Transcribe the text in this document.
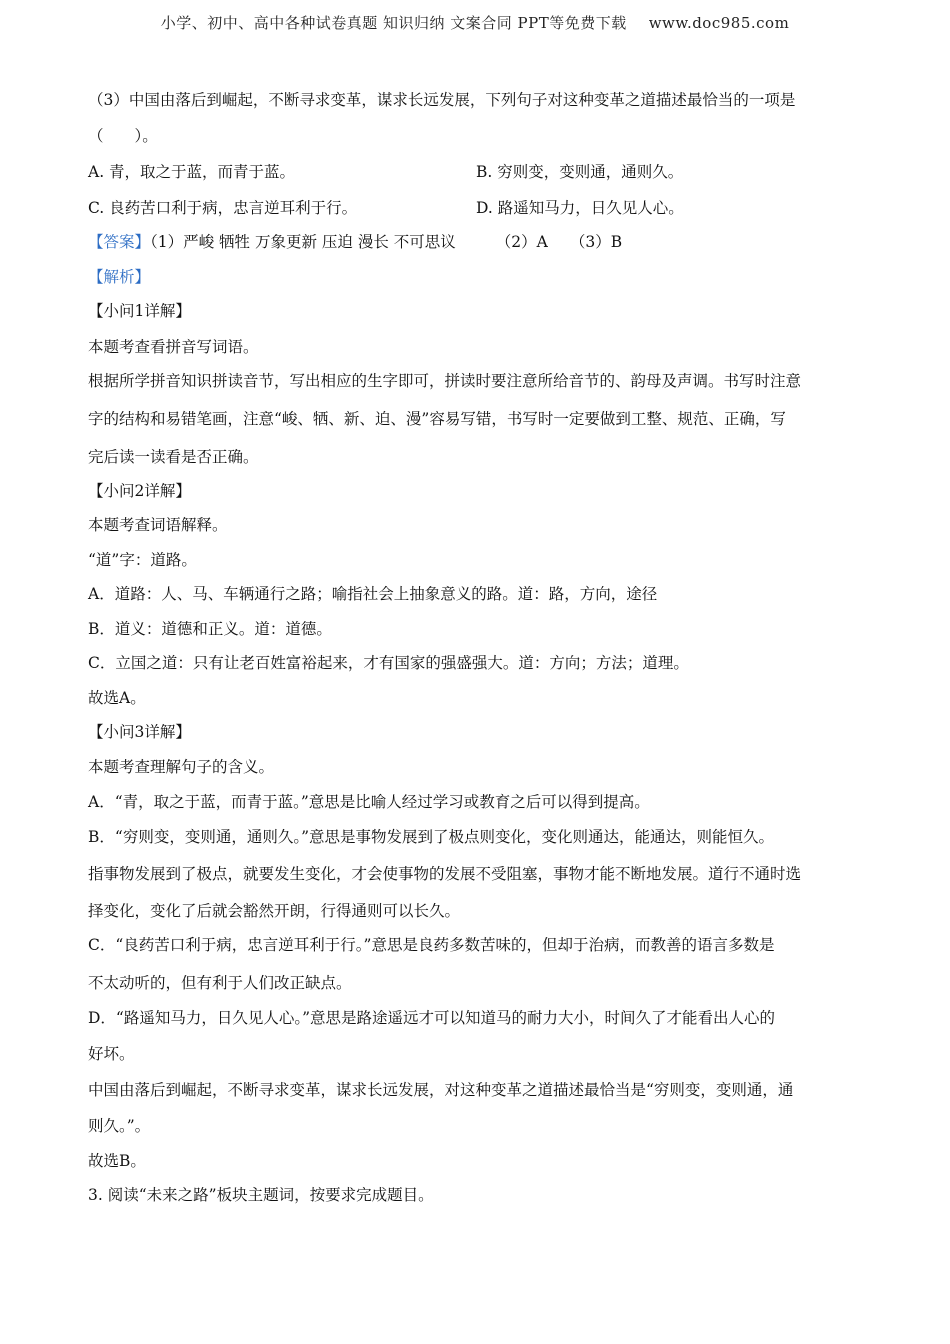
小学、初中、高中各种试卷真题 知识归纳 文案合同 PPT等免费下载 www.doc985.com
（3）中国由落后到崛起，不断寻求变革，谋求长远发展，下列句子对这种变革之道描述最恰当的一项是
（　　）。
A. 青，取之于蓝，而青于蓝。	B. 穷则变，变则通，通则久。
C. 良药苦口利于病，忠言逆耳利于行。	D. 路遥知马力，日久见人心。
【答案】（1）严峻 牺牲 万象更新 压迫 漫长 不可思议	（2）A （3）B
【解析】
【小问1详解】
本题考查看拼音写词语。
根据所学拼音知识拼读音节，写出相应的生字即可，拼读时要注意所给音节的、韵母及声调。书写时注意
字的结构和易错笔画，注意“峻、牺、新、迫、漫”容易写错，书写时一定要做到工整、规范、正确，写
完后读一读看是否正确。
【小问2详解】
本题考查词语解释。
“道”字：道路。
A．道路：人、马、车辆通行之路；喻指社会上抽象意义的路。道：路，方向，途径
B．道义：道德和正义。道：道德。
C．立国之道：只有让老百姓富裕起来，才有国家的强盛强大。道：方向；方法；道理。
故选A。
【小问3详解】
本题考查理解句子的含义。
A．“青，取之于蓝，而青于蓝。”意思是比喻人经过学习或教育之后可以得到提高。
B．“穷则变，变则通，通则久。”意思是事物发展到了极点则变化，变化则通达，能通达，则能恒久。
指事物发展到了极点，就要发生变化，才会使事物的发展不受阻塞，事物才能不断地发展。道行不通时选
择变化，变化了后就会豁然开朗，行得通则可以长久。
C．“良药苦口利于病，忠言逆耳利于行。”意思是良药多数苦味的，但却于治病，而教善的语言多数是
不太动听的，但有利于人们改正缺点。
D．“路遥知马力，日久见人心。”意思是路途遥远才可以知道马的耐力大小，时间久了才能看出人心的
好坏。
中国由落后到崛起，不断寻求变革，谋求长远发展，对这种变革之道描述最恰当是“穷则变，变则通，通
则久。”。
故选B。
3. 阅读“未来之路”板块主题词，按要求完成题目。
